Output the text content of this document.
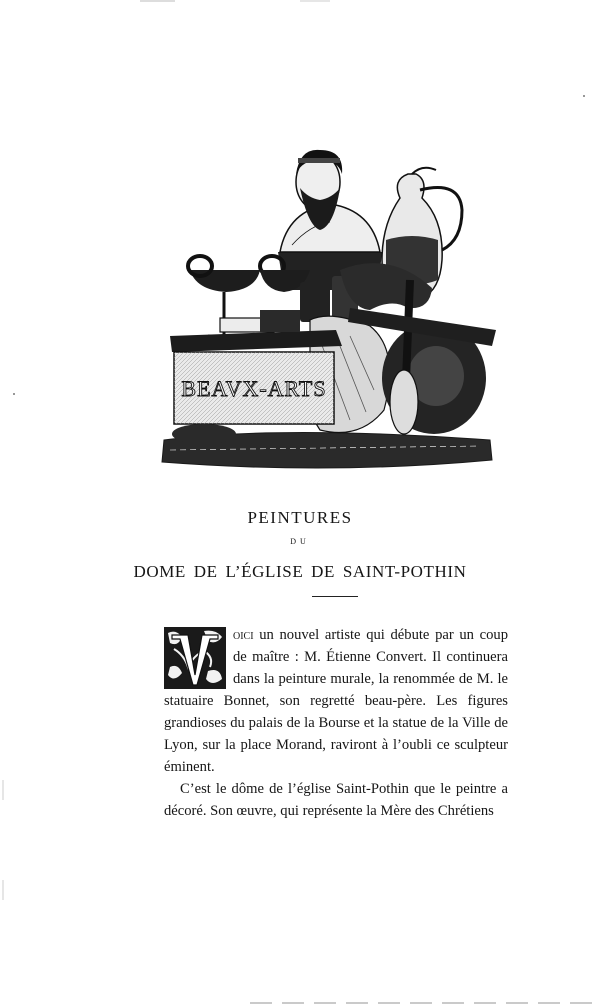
BEAVX-ARTS
PEINTURES
DU
DOME DE L’ÉGLISE DE SAINT-POTHIN

oici un nouvel artiste qui débute par un coup de maître : M. Étienne Convert. Il continuera dans la peinture murale, la renommée de M. le statuaire Bonnet, son regretté beau-père. Les figures grandioses du palais de la Bourse et la statue de la Ville de Lyon, sur la place Morand, raviront à l’oubli ce sculpteur éminent.

C’est le dôme de l’église Saint-Pothin que le peintre a décoré. Son œuvre, qui représente la Mère des Chrétiens
